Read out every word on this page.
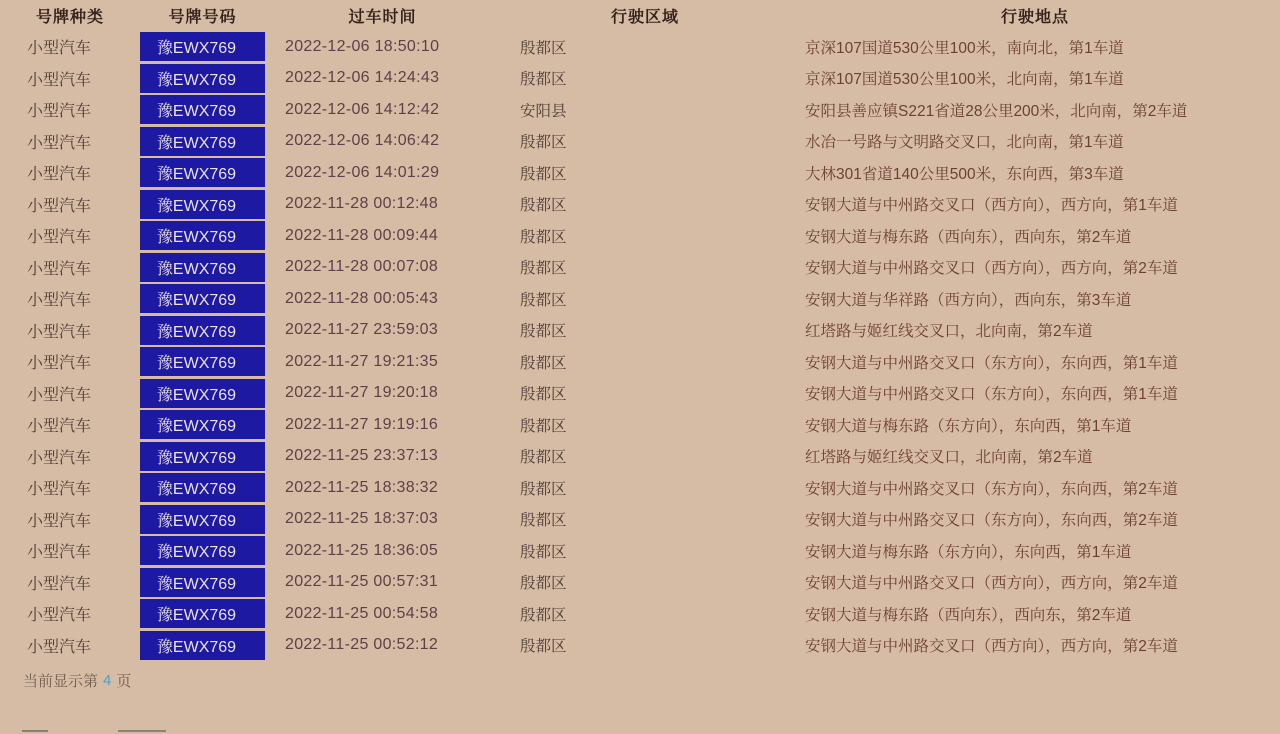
号牌种类	号牌号码	过车时间	行驶区域	行驶地点
小型汽车	豫EWX769	2022-12-06 18:50:10	殷都区	京深107国道530公里100米，南向北，第1车道
小型汽车	豫EWX769	2022-12-06 14:24:43	殷都区	京深107国道530公里100米，北向南，第1车道
小型汽车	豫EWX769	2022-12-06 14:12:42	安阳县	安阳县善应镇S221省道28公里200米，北向南，第2车道
小型汽车	豫EWX769	2022-12-06 14:06:42	殷都区	水冶一号路与文明路交叉口，北向南，第1车道
小型汽车	豫EWX769	2022-12-06 14:01:29	殷都区	大林301省道140公里500米，东向西，第3车道
小型汽车	豫EWX769	2022-11-28 00:12:48	殷都区	安钢大道与中州路交叉口（西方向），西方向，第1车道
小型汽车	豫EWX769	2022-11-28 00:09:44	殷都区	安钢大道与梅东路（西向东），西向东，第2车道
小型汽车	豫EWX769	2022-11-28 00:07:08	殷都区	安钢大道与中州路交叉口（西方向），西方向，第2车道
小型汽车	豫EWX769	2022-11-28 00:05:43	殷都区	安钢大道与华祥路（西方向），西向东，第3车道
小型汽车	豫EWX769	2022-11-27 23:59:03	殷都区	红塔路与姬红线交叉口，北向南，第2车道
小型汽车	豫EWX769	2022-11-27 19:21:35	殷都区	安钢大道与中州路交叉口（东方向），东向西，第1车道
小型汽车	豫EWX769	2022-11-27 19:20:18	殷都区	安钢大道与中州路交叉口（东方向），东向西，第1车道
小型汽车	豫EWX769	2022-11-27 19:19:16	殷都区	安钢大道与梅东路（东方向），东向西，第1车道
小型汽车	豫EWX769	2022-11-25 23:37:13	殷都区	红塔路与姬红线交叉口，北向南，第2车道
小型汽车	豫EWX769	2022-11-25 18:38:32	殷都区	安钢大道与中州路交叉口（东方向），东向西，第2车道
小型汽车	豫EWX769	2022-11-25 18:37:03	殷都区	安钢大道与中州路交叉口（东方向），东向西，第2车道
小型汽车	豫EWX769	2022-11-25 18:36:05	殷都区	安钢大道与梅东路（东方向），东向西，第1车道
小型汽车	豫EWX769	2022-11-25 00:57:31	殷都区	安钢大道与中州路交叉口（西方向），西方向，第2车道
小型汽车	豫EWX769	2022-11-25 00:54:58	殷都区	安钢大道与梅东路（西向东），西向东，第2车道
小型汽车	豫EWX769	2022-11-25 00:52:12	殷都区	安钢大道与中州路交叉口（西方向），西方向，第2车道
当前显示第 4 页
